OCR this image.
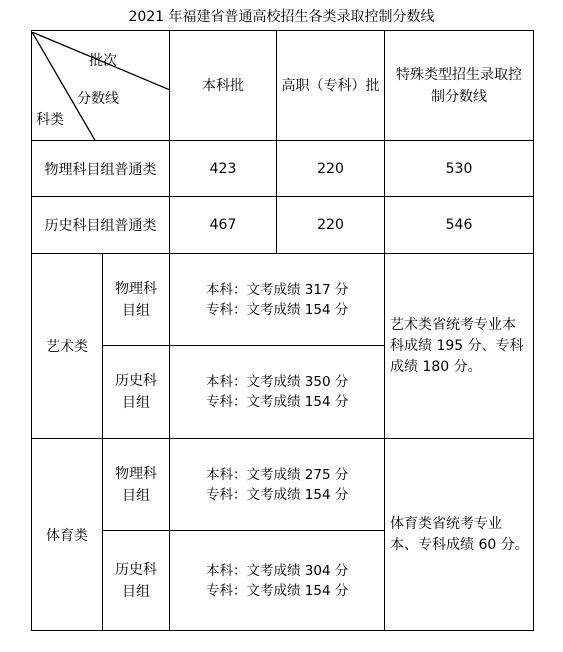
2021 年福建省普通高校招生各类录取控制分数线
批次
分数线
科类		本科批	高职（专科）批	特殊类型招生录取控制分数线
物理科目组普通类		423	220	530
历史科目组普通类		467	220	546
艺术类	物理科目组	本科：文考成绩 317 分
专科：文考成绩 154 分		艺术类省统考专业本科成绩 195 分、专科成绩 180 分。
	历史科目组	本科：文考成绩 350 分
专科：文考成绩 154 分		

体育类	物理科目组	本科：文考成绩 275 分
专科：文考成绩 154 分		体育类省统考专业本、专科成绩 60 分。
	历史科目组	本科：文考成绩 304 分
专科：文考成绩 154 分		
